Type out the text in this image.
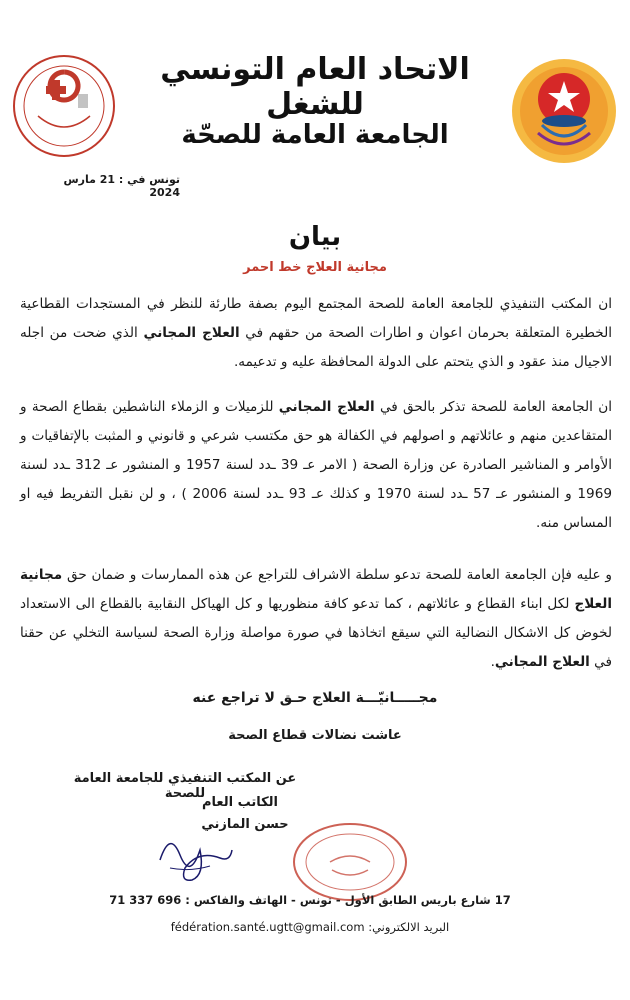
الاتحاد العام التونسي للشغل
الجامعة العامة للصحّة
تونس في : 21 مارس 2024
بيان
مجانية العلاج خط احمر
ان المكتب التنفيذي للجامعة العامة للصحة المجتمع اليوم بصفة طارئة للنظر في المستجدات القطاعية الخطيرة المتعلقة بحرمان اعوان و اطارات الصحة من حقهم في العلاج المجاني الذي ضحت من اجله الاجيال منذ عقود و الذي يتحتم على الدولة المحافظة عليه و تدعيمه.
ان الجامعة العامة للصحة تذكر بالحق في العلاج المجاني للزميلات و الزملاء الناشطين بقطاع الصحة و المتقاعدين منهم و عائلاتهم و اصولهم في الكفالة هو حق مكتسب شرعي و قانوني و المثبت بالإتفاقيات و الأوامر و المناشير الصادرة عن وزارة الصحة ( الامر عـ 39 ـدد لسنة 1957 و المنشور عـ 312 ـدد لسنة 1969 و المنشور عـ 57 ـدد لسنة 1970 و كذلك عـ 93 ـدد لسنة 2006 ) ، و لن نقبل التفريط فيه او المساس منه.
و عليه فإن الجامعة العامة للصحة تدعو سلطة الاشراف للتراجع عن هذه الممارسات و ضمان حق مجانية العلاج لكل ابناء القطاع و عائلاتهم ، كما تدعو كافة منظوريها و كل الهياكل النقابية بالقطاع الى الاستعداد لخوض كل الاشكال النضالية التي سيقع اتخاذها في صورة مواصلة وزارة الصحة لسياسة التخلي عن حقنا في العلاج المجاني.
مجـــــانيّـــة العلاج حـق لا تراجع عنه
عاشت نضالات قطاع الصحة
عن المكتب التنفيذي للجامعة العامة للصحة
الكاتب العام
حسن المازني
17 شارع باريس الطابق الأول - تونس - الهاتف والفاكس : 696 337 71
البريد الالكتروني: fédération.santé.ugtt@gmail.com
